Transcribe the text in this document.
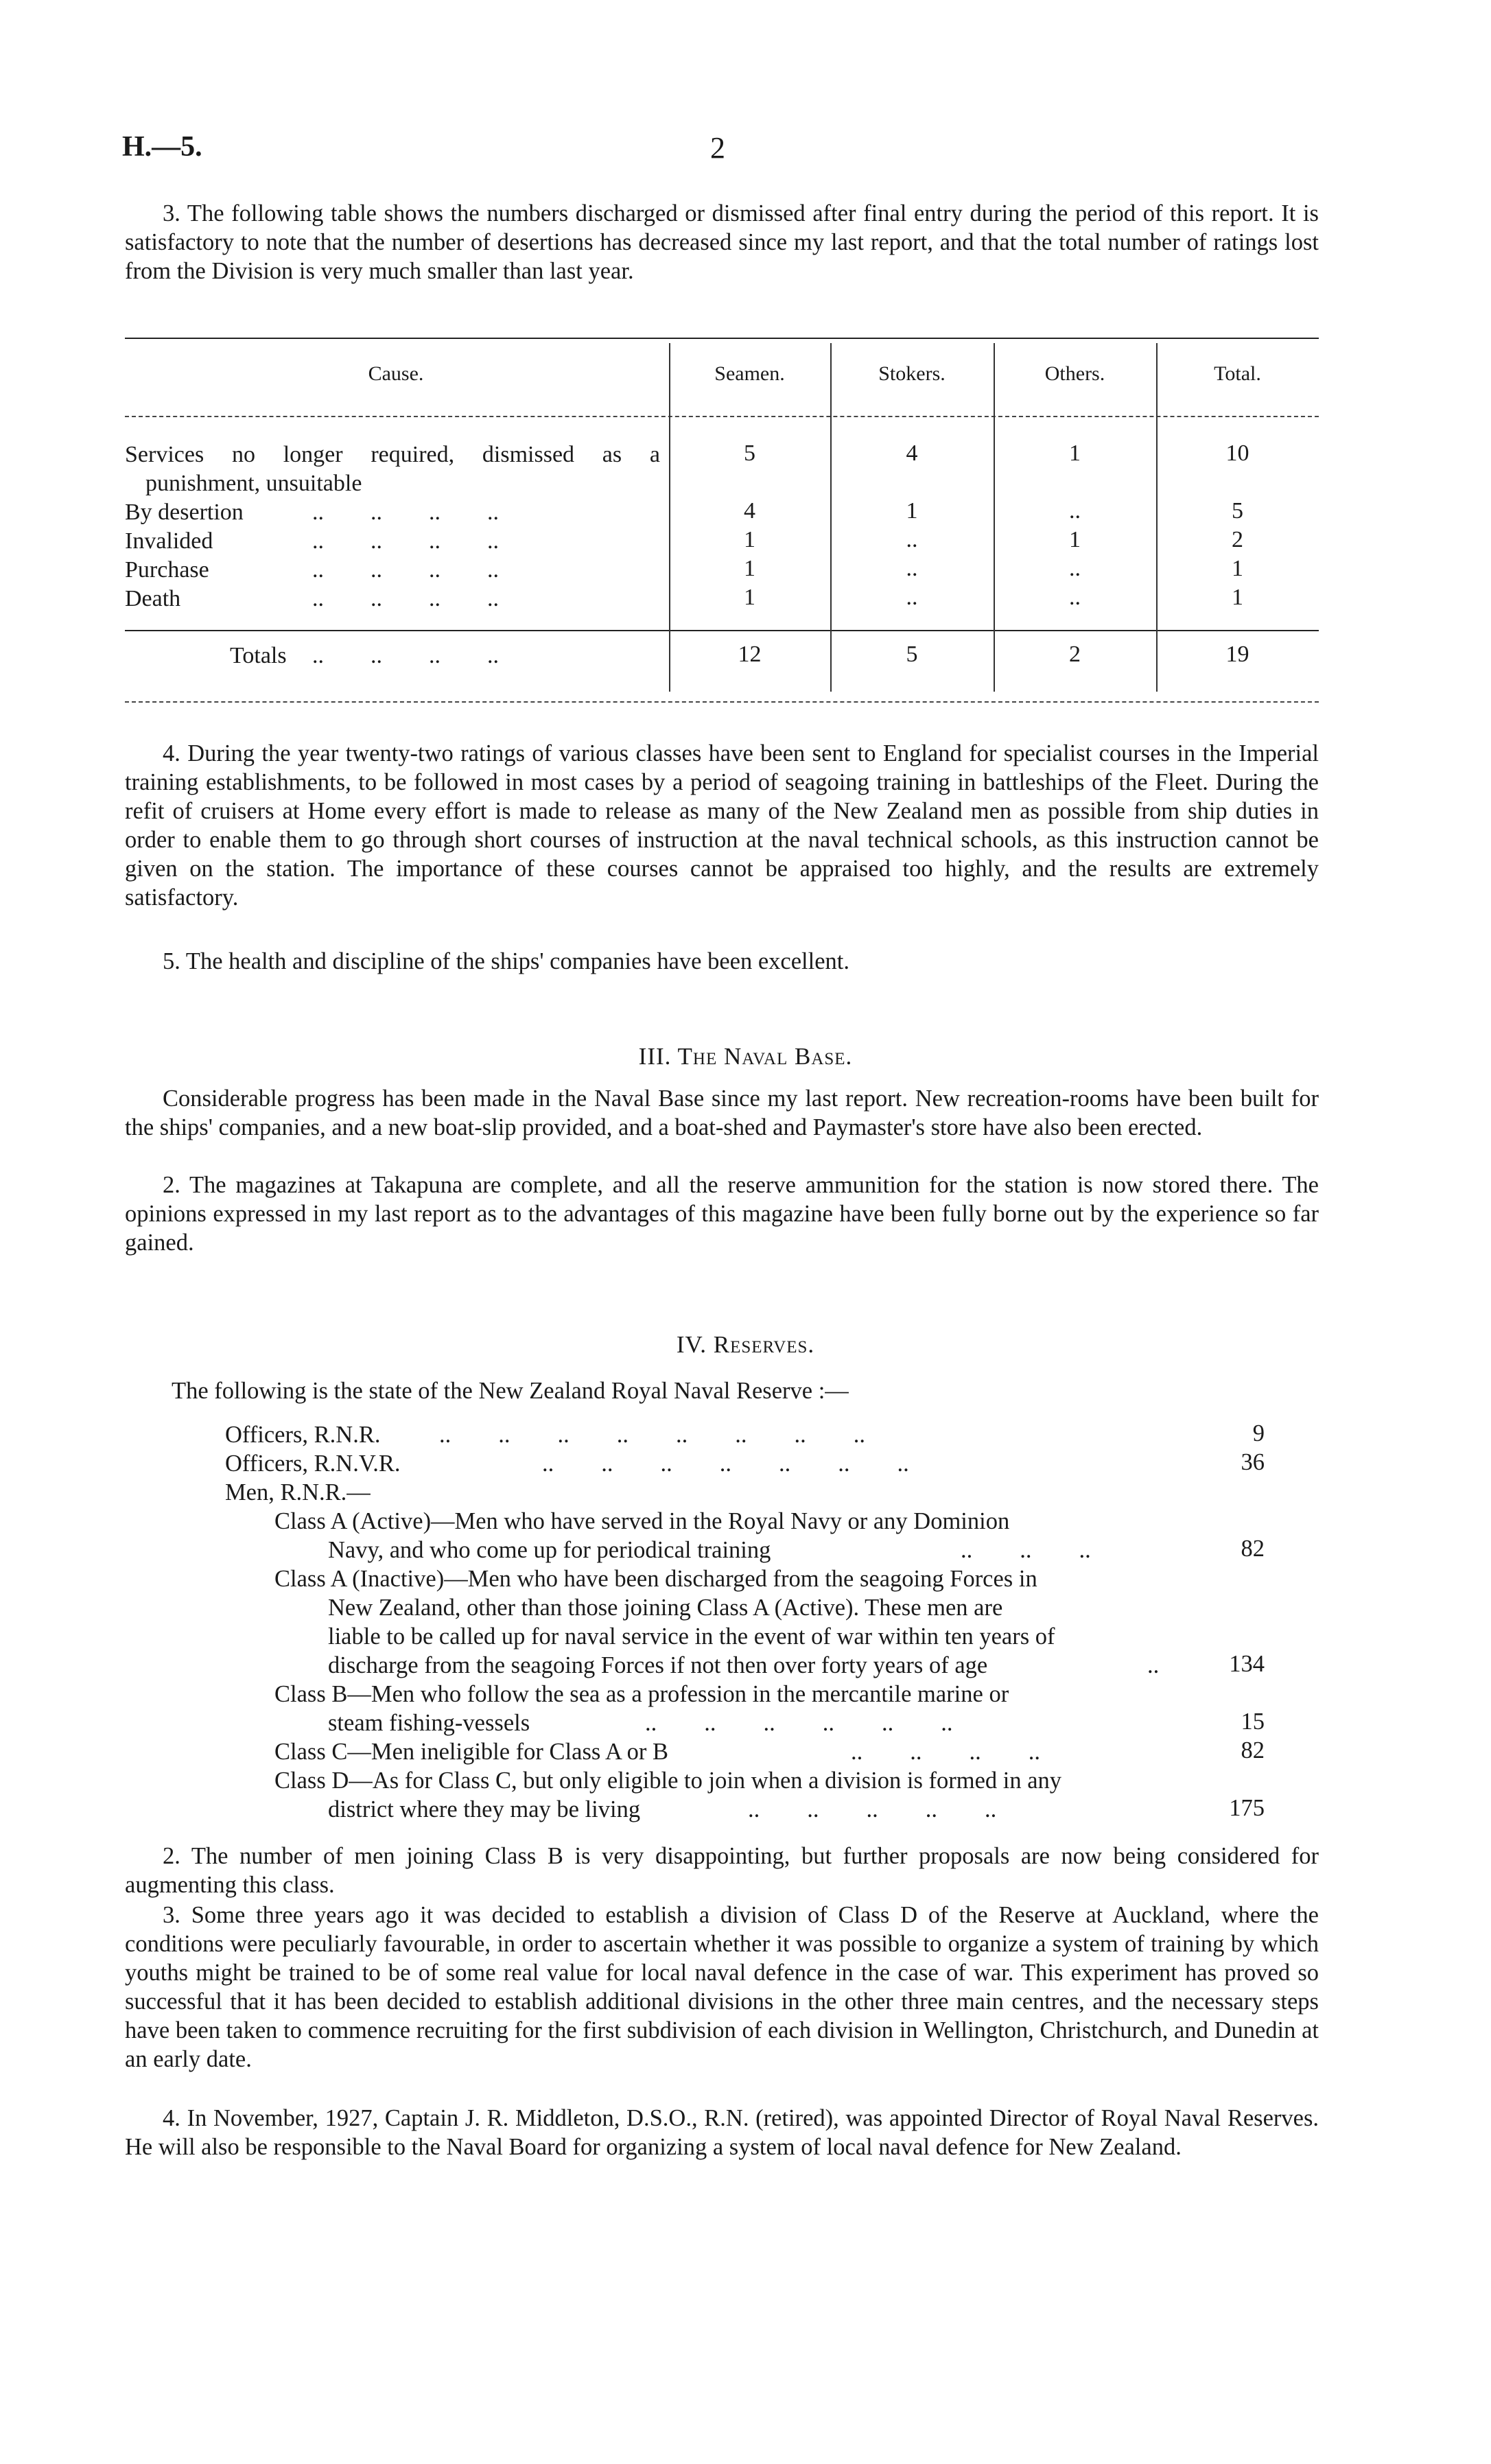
H.—5.	2

3. The following table shows the numbers discharged or dismissed after final entry during the period of this report. It is satisfactory to note that the number of desertions has decreased since my last report, and that the total number of ratings lost from the Division is very much smaller than last year.

Cause.	Seamen.	Stokers.	Others.	Total.
Services no longer required, dismissed as a
punishment, unsuitable
5	4	1	10
By desertion	..        ..        ..        ..	4	1	..	5
Invalided	..        ..        ..        ..	1	..	1	2
Purchase	..        ..        ..        ..	1	..	..	1
Death	..        ..        ..        ..	1	..	..	1
Totals ..        ..        ..        ..	12	5	2	19

4. During the year twenty-two ratings of various classes have been sent to England for specialist courses in the Imperial training establishments, to be followed in most cases by a period of seagoing training in battleships of the Fleet. During the refit of cruisers at Home every effort is made to release as many of the New Zealand men as possible from ship duties in order to enable them to go through short courses of instruction at the naval technical schools, as this instruction cannot be given on the station. The importance of these courses cannot be appraised too highly, and the results are extremely satisfactory.

5. The health and discipline of the ships' companies have been excellent.

III. The Naval Base.

Considerable progress has been made in the Naval Base since my last report. New recreation-rooms have been built for the ships' companies, and a new boat-slip provided, and a boat-shed and Paymaster's store have also been erected.

2. The magazines at Takapuna are complete, and all the reserve ammunition for the station is now stored there. The opinions expressed in my last report as to the advantages of this magazine have been fully borne out by the experience so far gained.

IV. Reserves.
The following is the state of the New Zealand Royal Naval Reserve :—
Officers, R.N.R. ..        ..        ..        ..        ..        ..        ..        ..	9
Officers, R.N.V.R.	..        ..        ..        ..        ..        ..        ..	36
Men, R.N.R.—
Class A (Active)—Men who have served in the Royal Navy or any Dominion
Navy, and who come up for periodical training	..        ..        ..	82
Class A (Inactive)—Men who have been discharged from the seagoing Forces in
New Zealand, other than those joining Class A (Active). These men are
liable to be called up for naval service in the event of war within ten years of
discharge from the seagoing Forces if not then over forty years of age	..	134
Class B—Men who follow the sea as a profession in the mercantile marine or
steam fishing-vessels	..        ..        ..        ..        ..        ..	15
Class C—Men ineligible for Class A or B	..        ..        ..        ..	82
Class D—As for Class C, but only eligible to join when a division is formed in any
district where they may be living	..        ..        ..        ..        ..	175

2. The number of men joining Class B is very disappointing, but further proposals are now being considered for augmenting this class.

3. Some three years ago it was decided to establish a division of Class D of the Reserve at Auckland, where the conditions were peculiarly favourable, in order to ascertain whether it was possible to organize a system of training by which youths might be trained to be of some real value for local naval defence in the case of war. This experiment has proved so successful that it has been decided to establish additional divisions in the other three main centres, and the necessary steps have been taken to commence recruiting for the first subdivision of each division in Wellington, Christchurch, and Dunedin at an early date.

4. In November, 1927, Captain J. R. Middleton, D.S.O., R.N. (retired), was appointed Director of Royal Naval Reserves. He will also be responsible to the Naval Board for organizing a system of local naval defence for New Zealand.
